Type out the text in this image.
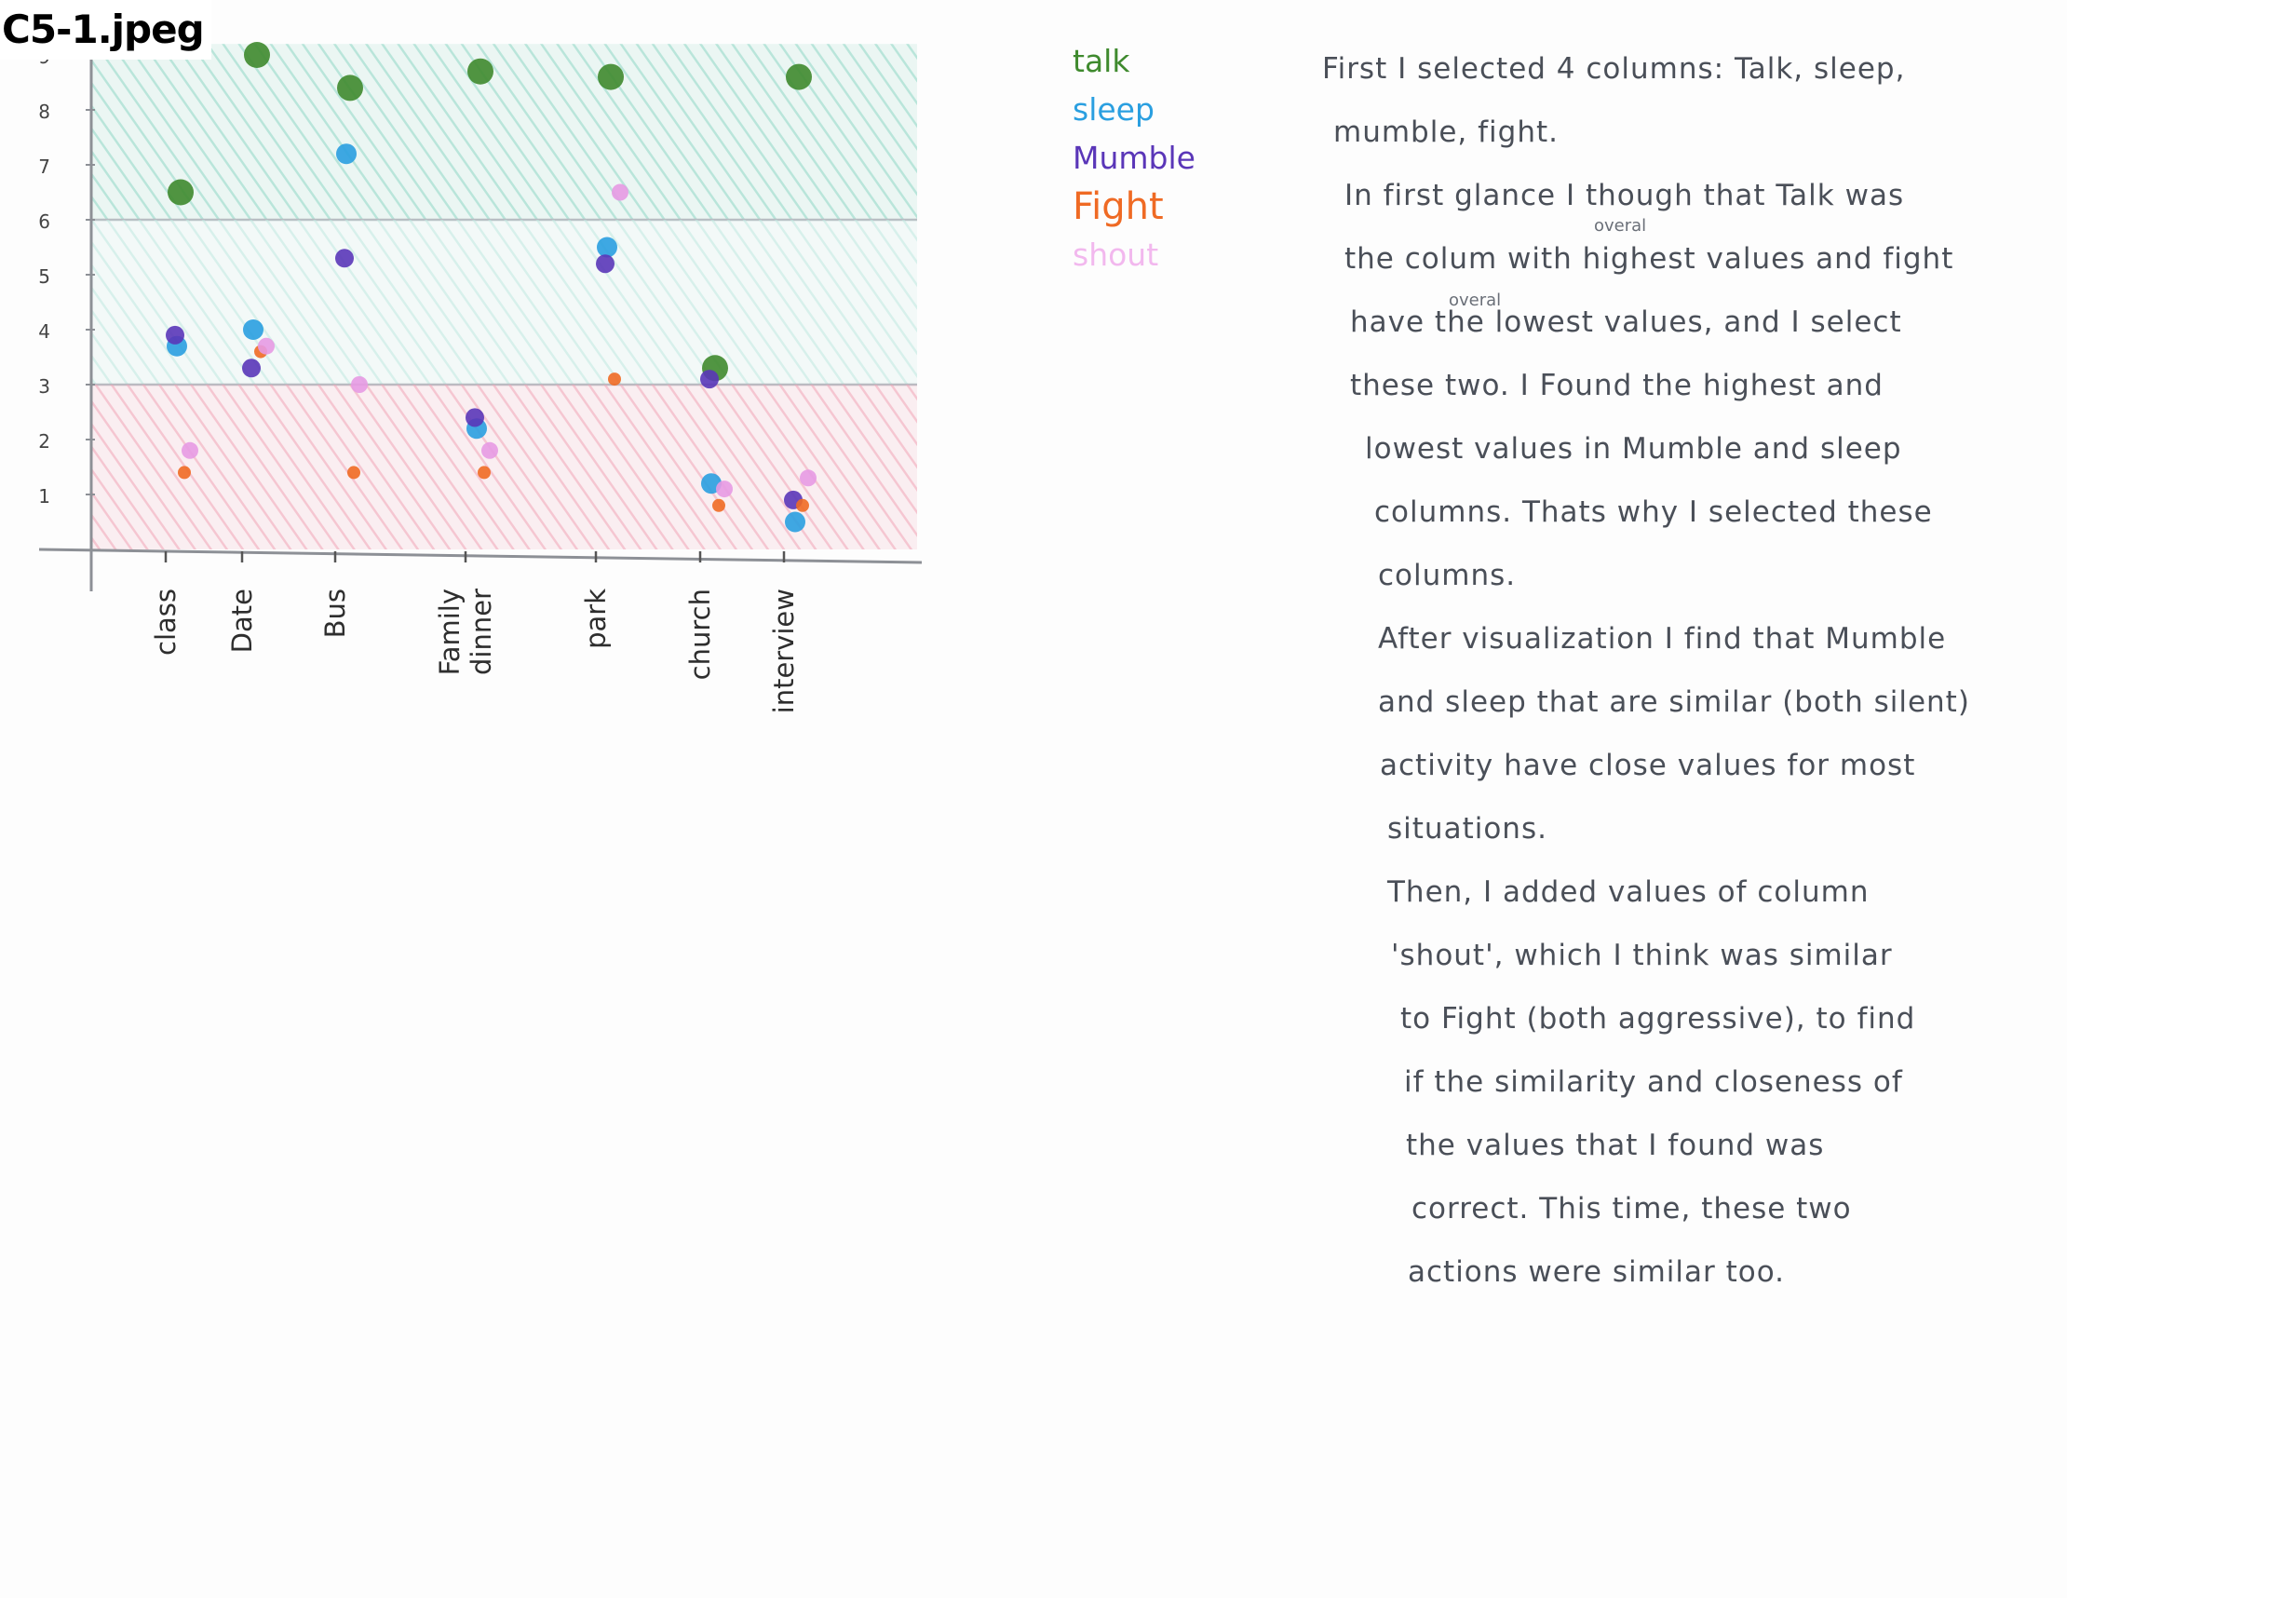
1
2
3
4
5
6
7
8
class Date Bus	Family dinner	park	church interview
C5-1.jpeg
talk
sleep
Mumble
Fight
shout
First I selected 4 columns: Talk, sleep,
mumble, fight.
In first glance I though that Talk was
the colum with highest values and fight
have the lowest values, and I select
these two. I Found the highest and
lowest values in Mumble and sleep
columns. Thats why I selected these
columns.
After visualization I find that Mumble
and sleep that are similar (both silent)
activity have close values for most
situations.
Then, I added values of column
'shout', which I think was similar
to Fight (both aggressive), to find
if the similarity and closeness of
the values that I found was
correct. This time, these two
actions were similar too.
overal
overal
